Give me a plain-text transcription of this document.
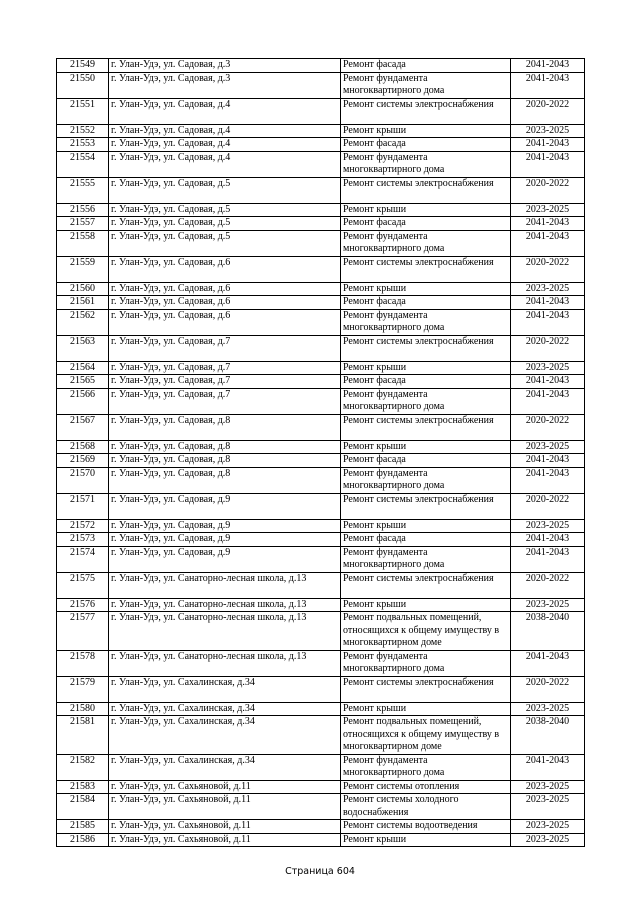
21549	г. Улан-Удэ, ул. Садовая, д.3	Ремонт фасада	2041-2043
21550	г. Улан-Удэ, ул. Садовая, д.3	Ремонт фундамента многоквартирного дома	2041-2043
21551	г. Улан-Удэ, ул. Садовая, д.4	Ремонт системы электроснабжения	2020-2022
21552	г. Улан-Удэ, ул. Садовая, д.4	Ремонт крыши	2023-2025
21553	г. Улан-Удэ, ул. Садовая, д.4	Ремонт фасада	2041-2043
21554	г. Улан-Удэ, ул. Садовая, д.4	Ремонт фундамента многоквартирного дома	2041-2043
21555	г. Улан-Удэ, ул. Садовая, д.5	Ремонт системы электроснабжения	2020-2022
21556	г. Улан-Удэ, ул. Садовая, д.5	Ремонт крыши	2023-2025
21557	г. Улан-Удэ, ул. Садовая, д.5	Ремонт фасада	2041-2043
21558	г. Улан-Удэ, ул. Садовая, д.5	Ремонт фундамента многоквартирного дома	2041-2043
21559	г. Улан-Удэ, ул. Садовая, д.6	Ремонт системы электроснабжения	2020-2022
21560	г. Улан-Удэ, ул. Садовая, д.6	Ремонт крыши	2023-2025
21561	г. Улан-Удэ, ул. Садовая, д.6	Ремонт фасада	2041-2043
21562	г. Улан-Удэ, ул. Садовая, д.6	Ремонт фундамента многоквартирного дома	2041-2043
21563	г. Улан-Удэ, ул. Садовая, д.7	Ремонт системы электроснабжения	2020-2022
21564	г. Улан-Удэ, ул. Садовая, д.7	Ремонт крыши	2023-2025
21565	г. Улан-Удэ, ул. Садовая, д.7	Ремонт фасада	2041-2043
21566	г. Улан-Удэ, ул. Садовая, д.7	Ремонт фундамента многоквартирного дома	2041-2043
21567	г. Улан-Удэ, ул. Садовая, д.8	Ремонт системы электроснабжения	2020-2022
21568	г. Улан-Удэ, ул. Садовая, д.8	Ремонт крыши	2023-2025
21569	г. Улан-Удэ, ул. Садовая, д.8	Ремонт фасада	2041-2043
21570	г. Улан-Удэ, ул. Садовая, д.8	Ремонт фундамента многоквартирного дома	2041-2043
21571	г. Улан-Удэ, ул. Садовая, д.9	Ремонт системы электроснабжения	2020-2022
21572	г. Улан-Удэ, ул. Садовая, д.9	Ремонт крыши	2023-2025
21573	г. Улан-Удэ, ул. Садовая, д.9	Ремонт фасада	2041-2043
21574	г. Улан-Удэ, ул. Садовая, д.9	Ремонт фундамента многоквартирного дома	2041-2043
21575	г. Улан-Удэ, ул. Санаторно-лесная школа, д.13	Ремонт системы электроснабжения	2020-2022
21576	г. Улан-Удэ, ул. Санаторно-лесная школа, д.13	Ремонт крыши	2023-2025
21577	г. Улан-Удэ, ул. Санаторно-лесная школа, д.13	Ремонт подвальных помещений, относящихся к общему имуществу в многоквартирном доме	2038-2040
21578	г. Улан-Удэ, ул. Санаторно-лесная школа, д.13	Ремонт фундамента многоквартирного дома	2041-2043
21579	г. Улан-Удэ, ул. Сахалинская, д.34	Ремонт системы электроснабжения	2020-2022
21580	г. Улан-Удэ, ул. Сахалинская, д.34	Ремонт крыши	2023-2025
21581	г. Улан-Удэ, ул. Сахалинская, д.34	Ремонт подвальных помещений, относящихся к общему имуществу в многоквартирном доме	2038-2040
21582	г. Улан-Удэ, ул. Сахалинская, д.34	Ремонт фундамента многоквартирного дома	2041-2043
21583	г. Улан-Удэ, ул. Сахьяновой, д.11	Ремонт системы отопления	2023-2025
21584	г. Улан-Удэ, ул. Сахьяновой, д.11	Ремонт системы холодного водоснабжения	2023-2025
21585	г. Улан-Удэ, ул. Сахьяновой, д.11	Ремонт системы водоотведения	2023-2025
21586	г. Улан-Удэ, ул. Сахьяновой, д.11	Ремонт крыши	2023-2025
Страница 604
